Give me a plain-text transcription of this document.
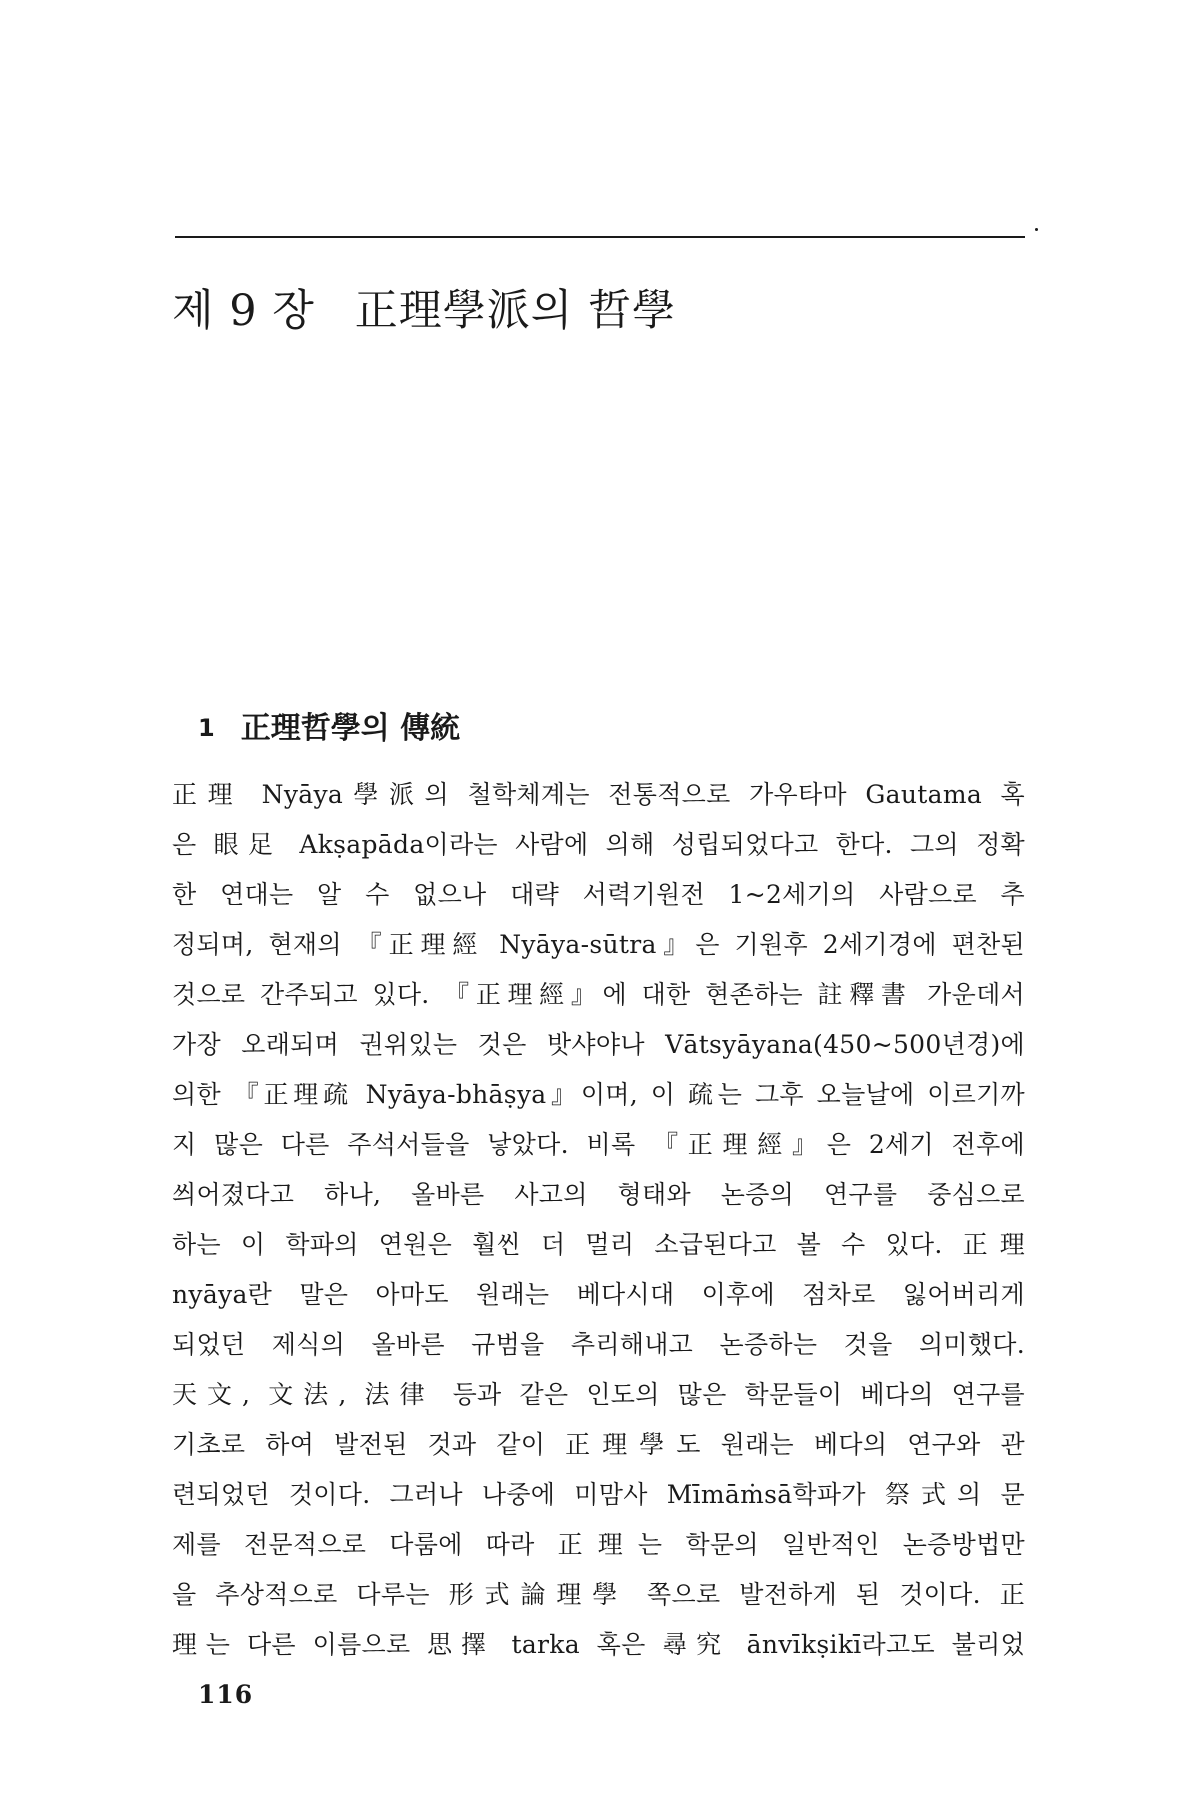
제 9 장 正理學派의 哲學
1 正理哲學의 傳統
正理 Nyāya學派의 철학체계는 전통적으로 가우타마 Gautama 혹
은 眼足 Akṣapāda이라는 사람에 의해 성립되었다고 한다. 그의 정확
한 연대는 알 수 없으나 대략 서력기원전 1~2세기의 사람으로 추
정되며, 현재의 『正理經 Nyāya-sūtra』은 기원후 2세기경에 편찬된
것으로 간주되고 있다. 『正理經』에 대한 현존하는 註釋書 가운데서
가장 오래되며 권위있는 것은 밧샤야나 Vātsyāyana(450~500년경)에
의한 『正理疏 Nyāya-bhāṣya』이며, 이 疏는 그후 오늘날에 이르기까
지 많은 다른 주석서들을 낳았다. 비록 『正理經』은 2세기 전후에
씌어졌다고 하나, 올바른 사고의 형태와 논증의 연구를 중심으로
하는 이 학파의 연원은 훨씬 더 멀리 소급된다고 볼 수 있다. 正理
nyāya란 말은 아마도 원래는 베다시대 이후에 점차로 잃어버리게
되었던 제식의 올바른 규범을 추리해내고 논증하는 것을 의미했다.
天文, 文法, 法律 등과 같은 인도의 많은 학문들이 베다의 연구를
기초로 하여 발전된 것과 같이 正理學도 원래는 베다의 연구와 관
련되었던 것이다. 그러나 나중에 미맘사 Mīmāṁsā학파가 祭式의 문
제를 전문적으로 다룸에 따라 正理는 학문의 일반적인 논증방법만
을 추상적으로 다루는 形式論理學 쪽으로 발전하게 된 것이다. 正
理는 다른 이름으로 思擇 tarka 혹은 尋究 ānvīkṣikī라고도 불리었
116
